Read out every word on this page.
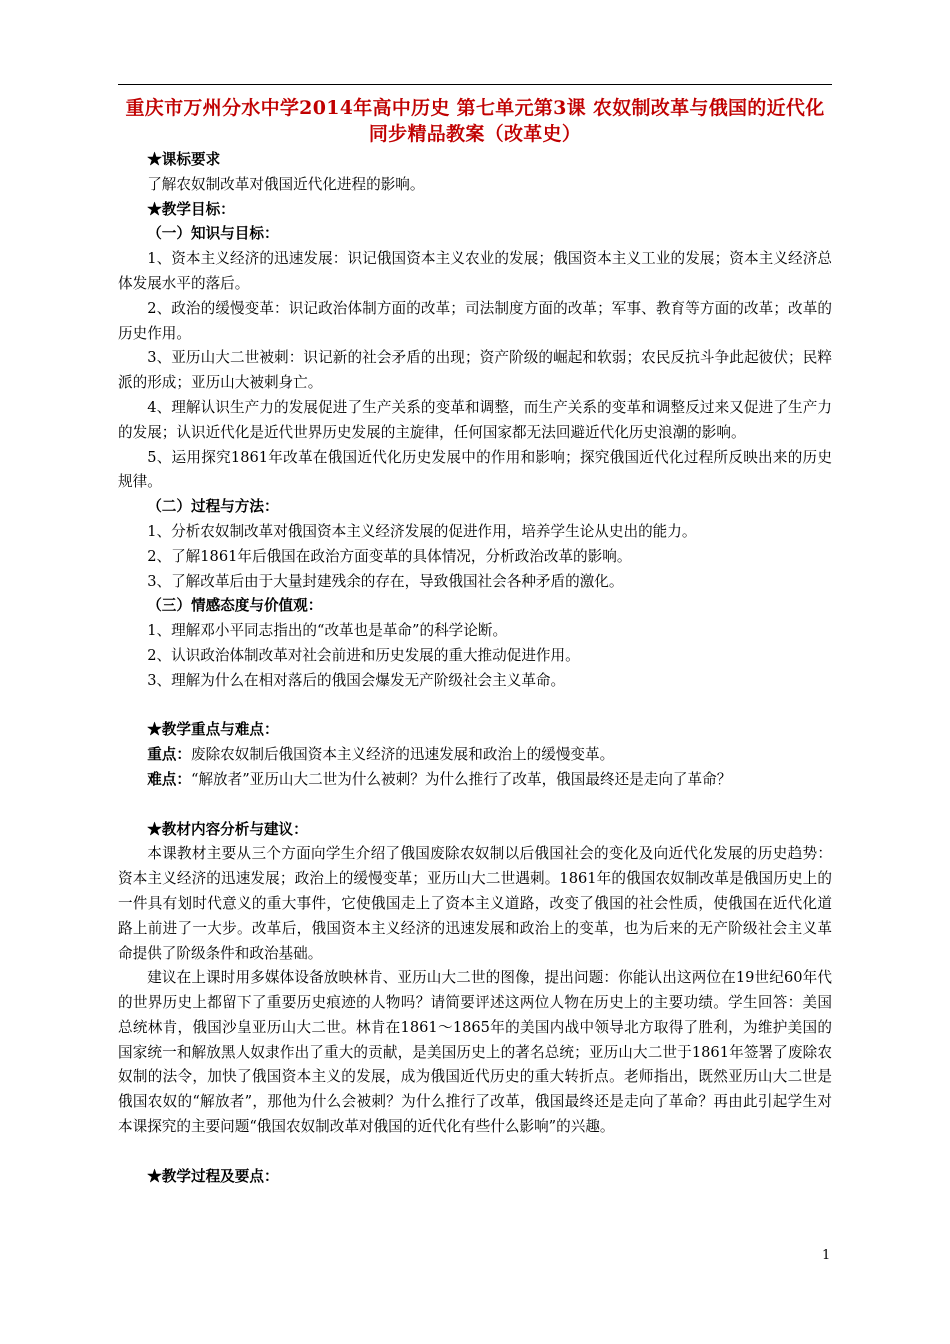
重庆市万州分水中学2014年高中历史 第七单元第3课 农奴制改革与俄国的近代化同步精品教案（改革史）

★课标要求

了解农奴制改革对俄国近代化进程的影响。

★教学目标：

（一）知识与目标：

1、资本主义经济的迅速发展：识记俄国资本主义农业的发展；俄国资本主义工业的发展；资本主义经济总体发展水平的落后。

2、政治的缓慢变革：识记政治体制方面的改革；司法制度方面的改革；军事、教育等方面的改革；改革的历史作用。

3、亚历山大二世被刺：识记新的社会矛盾的出现；资产阶级的崛起和软弱；农民反抗斗争此起彼伏；民粹派的形成；亚历山大被刺身亡。

4、理解认识生产力的发展促进了生产关系的变革和调整，而生产关系的变革和调整反过来又促进了生产力的发展；认识近代化是近代世界历史发展的主旋律，任何国家都无法回避近代化历史浪潮的影响。

5、运用探究1861年改革在俄国近代化历史发展中的作用和影响；探究俄国近代化过程所反映出来的历史规律。

（二）过程与方法：

1、分析农奴制改革对俄国资本主义经济发展的促进作用，培养学生论从史出的能力。

2、了解1861年后俄国在政治方面变革的具体情况，分析政治改革的影响。

3、了解改革后由于大量封建残余的存在，导致俄国社会各种矛盾的激化。

（三）情感态度与价值观：

1、理解邓小平同志指出的“改革也是革命”的科学论断。

2、认识政治体制改革对社会前进和历史发展的重大推动促进作用。

3、理解为什么在相对落后的俄国会爆发无产阶级社会主义革命。

★教学重点与难点：

重点：废除农奴制后俄国资本主义经济的迅速发展和政治上的缓慢变革。

难点：“解放者”亚历山大二世为什么被刺？为什么推行了改革，俄国最终还是走向了革命？

★教材内容分析与建议：

本课教材主要从三个方面向学生介绍了俄国废除农奴制以后俄国社会的变化及向近代化发展的历史趋势：资本主义经济的迅速发展；政治上的缓慢变革；亚历山大二世遇刺。1861年的俄国农奴制改革是俄国历史上的一件具有划时代意义的重大事件，它使俄国走上了资本主义道路，改变了俄国的社会性质，使俄国在近代化道路上前进了一大步。改革后，俄国资本主义经济的迅速发展和政治上的变革，也为后来的无产阶级社会主义革命提供了阶级条件和政治基础。

建议在上课时用多媒体设备放映林肯、亚历山大二世的图像，提出问题：你能认出这两位在19世纪60年代的世界历史上都留下了重要历史痕迹的人物吗？请简要评述这两位人物在历史上的主要功绩。学生回答：美国总统林肯，俄国沙皇亚历山大二世。林肯在1861～1865年的美国内战中领导北方取得了胜利，为维护美国的国家统一和解放黑人奴隶作出了重大的贡献，是美国历史上的著名总统；亚历山大二世于1861年签署了废除农奴制的法令，加快了俄国资本主义的发展，成为俄国近代历史的重大转折点。老师指出，既然亚历山大二世是俄国农奴的“解放者”，那他为什么会被刺？为什么推行了改革，俄国最终还是走向了革命？再由此引起学生对本课探究的主要问题“俄国农奴制改革对俄国的近代化有些什么影响”的兴趣。

★教学过程及要点：

1
